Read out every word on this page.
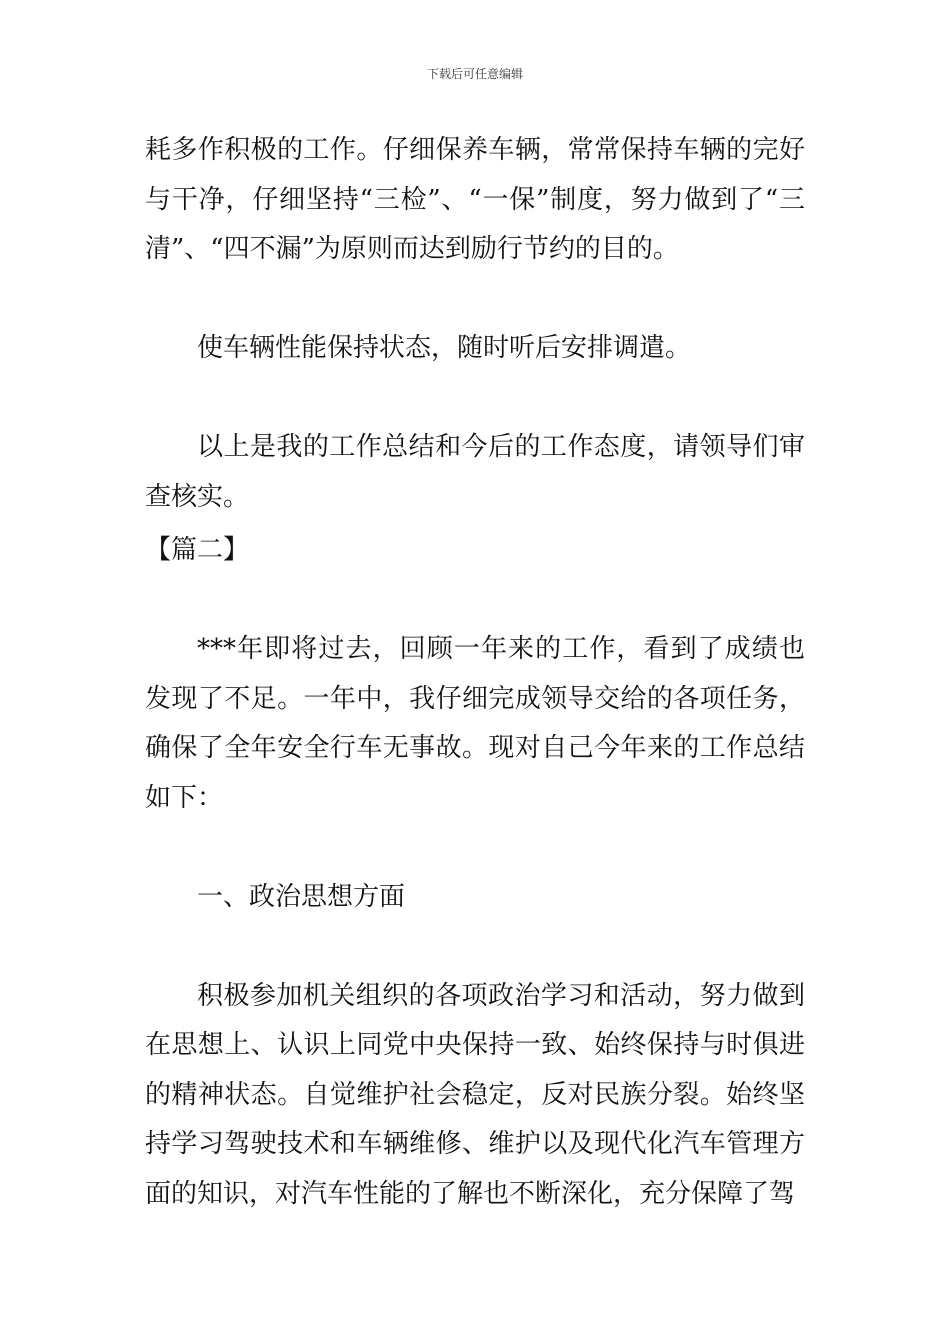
下载后可任意编辑

耗多作积极的工作。仔细保养车辆，常常保持车辆的完好与干净，仔细坚持“三检”、“一保”制度，努力做到了“三清”、“四不漏”为原则而达到励行节约的目的。

使车辆性能保持状态，随时听后安排调遣。

以上是我的工作总结和今后的工作态度，请领导们审查核实。

【篇二】

***年即将过去，回顾一年来的工作，看到了成绩也发现了不足。一年中，我仔细完成领导交给的各项任务，确保了全年安全行车无事故。现对自己今年来的工作总结如下：

一、政治思想方面

积极参加机关组织的各项政治学习和活动，努力做到在思想上、认识上同党中央保持一致、始终保持与时俱进的精神状态。自觉维护社会稳定，反对民族分裂。始终坚持学习驾驶技术和车辆维修、维护以及现代化汽车管理方面的知识，对汽车性能的了解也不断深化，充分保障了驾
